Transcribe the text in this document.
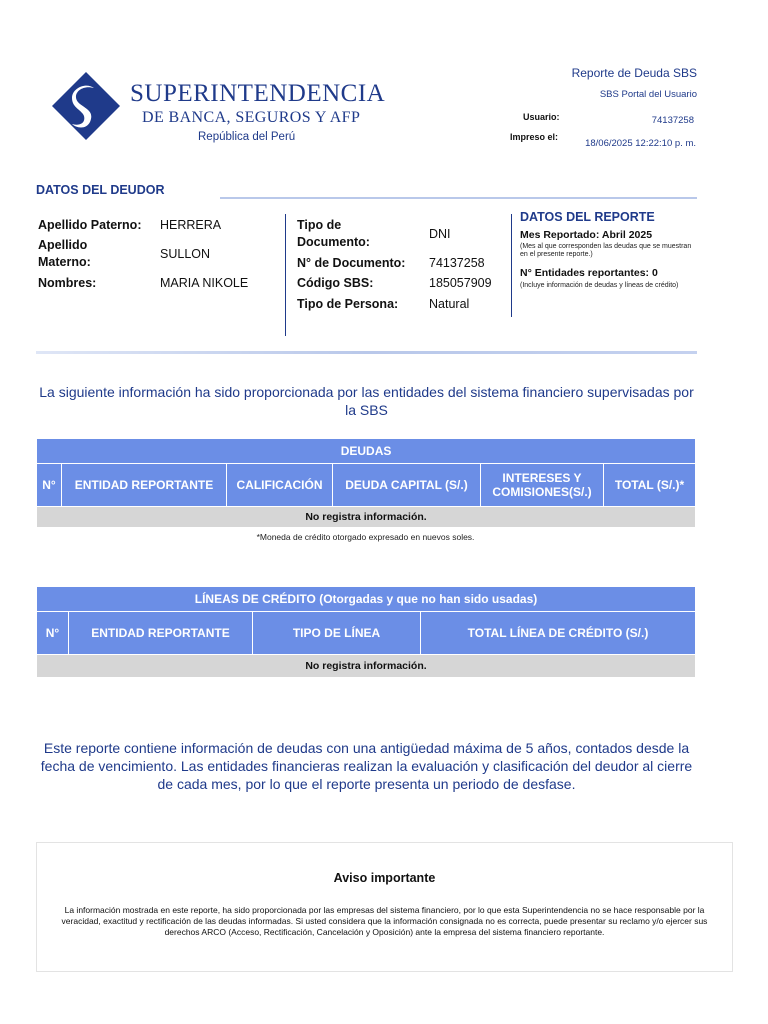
SUPERINTENDENCIA
DE BANCA, SEGUROS Y AFP
República del Perú
Reporte de Deuda SBS
SBS Portal del Usuario
Usuario:	74137258
Impreso el:
18/06/2025 12:22:10 p. m.
DATOS DEL DEUDOR
Apellido Paterno: HERRERA
Apellido Materno:
SULLON
Nombres:	MARIA NIKOLE
Tipo de Documento:
DNI
N° de Documento: 74137258
Código SBS:	185057909
Tipo de Persona: Natural
DATOS DEL REPORTE
Mes Reportado: Abril 2025
(Mes al que corresponden las deudas que se muestran en el presente reporte.)
N° Entidades reportantes: 0
(Incluye información de deudas y líneas de crédito)
La siguiente información ha sido proporcionada por las entidades del sistema financiero supervisadas por la SBS
DEUDAS
N°	ENTIDAD REPORTANTE	CALIFICACIÓN	DEUDA CAPITAL (S/.)	INTERESES Y COMISIONES(S/.)	TOTAL (S/.)*
No registra información.
*Moneda de crédito otorgado expresado en nuevos soles.
LÍNEAS DE CRÉDITO (Otorgadas y que no han sido usadas)
N°	ENTIDAD REPORTANTE	TIPO DE LÍNEA	TOTAL LÍNEA DE CRÉDITO (S/.)
No registra información.
Este reporte contiene información de deudas con una antigüedad máxima de 5 años, contados desde la fecha de vencimiento. Las entidades financieras realizan la evaluación y clasificación del deudor al cierre de cada mes, por lo que el reporte presenta un periodo de desfase.
Aviso importante
La información mostrada en este reporte, ha sido proporcionada por las empresas del sistema financiero, por lo que esta Superintendencia no se hace responsable por la veracidad, exactitud y rectificación de las deudas informadas. Si usted considera que la información consignada no es correcta, puede presentar su reclamo y/o ejercer sus derechos ARCO (Acceso, Rectificación, Cancelación y Oposición) ante la empresa del sistema financiero reportante.
